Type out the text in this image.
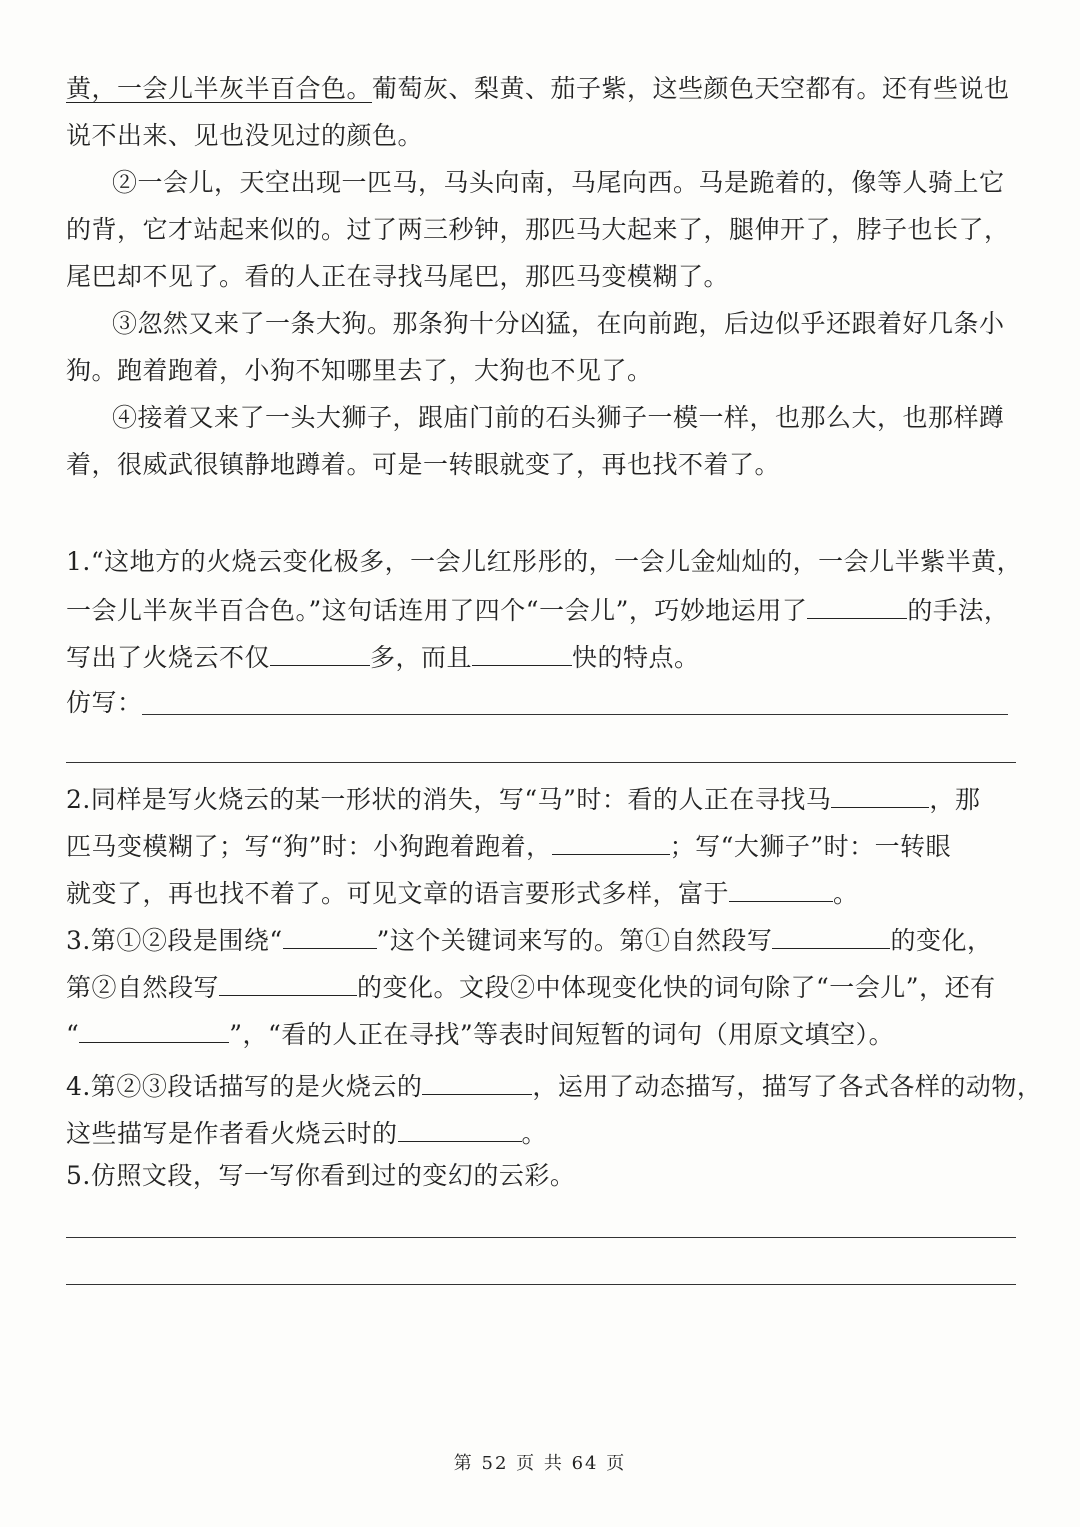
黄，一会儿半灰半百合色。葡萄灰、梨黄、茄子紫，这些颜色天空都有。还有些说也
说不出来、见也没见过的颜色。
②一会儿，天空出现一匹马，马头向南，马尾向西。马是跪着的，像等人骑上它
的背，它才站起来似的。过了两三秒钟，那匹马大起来了，腿伸开了，脖子也长了，
尾巴却不见了。看的人正在寻找马尾巴，那匹马变模糊了。
③忽然又来了一条大狗。那条狗十分凶猛，在向前跑，后边似乎还跟着好几条小
狗。跑着跑着，小狗不知哪里去了，大狗也不见了。
④接着又来了一头大狮子，跟庙门前的石头狮子一模一样，也那么大，也那样蹲
着，很威武很镇静地蹲着。可是一转眼就变了，再也找不着了。
1.“这地方的火烧云变化极多，一会儿红彤彤的，一会儿金灿灿的，一会儿半紫半黄，
一会儿半灰半百合色。”这句话连用了四个“一会儿”，巧妙地运用了	的手法，
写出了火烧云不仅	多，而且	快的特点。
仿写：
2.同样是写火烧云的某一形状的消失，写“马”时：看的人正在寻找马	，那
匹马变模糊了；写“狗”时：小狗跑着跑着，	；写“大狮子”时：一转眼
就变了，再也找不着了。可见文章的语言要形式多样，富于	。
3.第①②段是围绕“	”这个关键词来写的。第①自然段写	的变化，
第②自然段写	的变化。文段②中体现变化快的词句除了“一会儿”，还有
“	”，“看的人正在寻找”等表时间短暂的词句（用原文填空）。
4.第②③段话描写的是火烧云的	，运用了动态描写，描写了各式各样的动物，
这些描写是作者看火烧云时的	。
5.仿照文段，写一写你看到过的变幻的云彩。
第 52 页 共 64 页
